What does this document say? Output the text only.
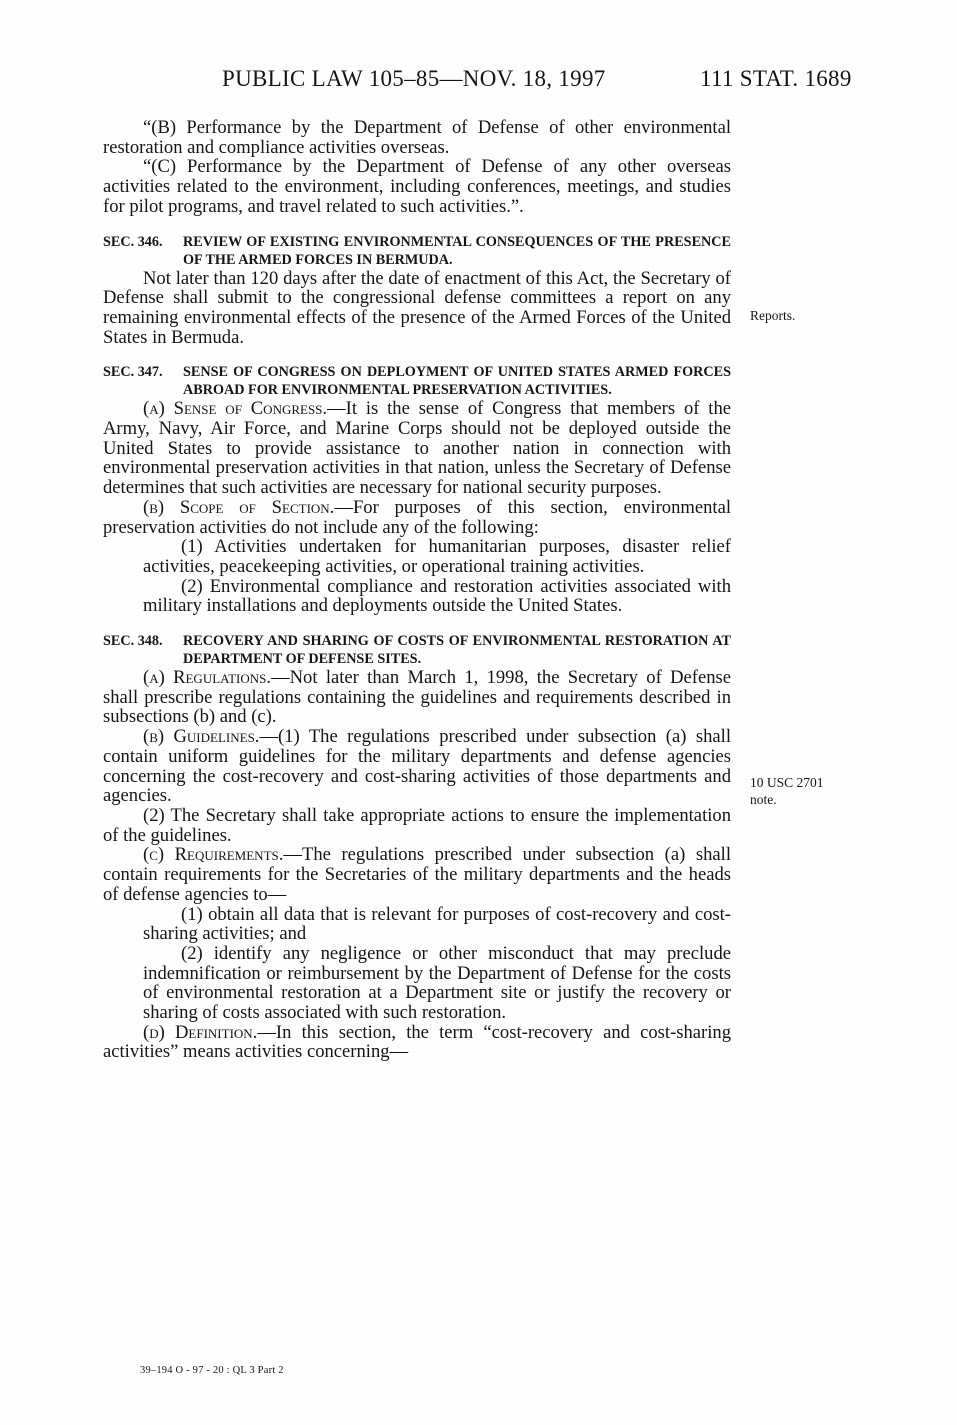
PUBLIC LAW 105–85—NOV. 18, 1997	111 STAT. 1689

“(B) Performance by the Department of Defense of other environmental restoration and compliance activities overseas.

“(C) Performance by the Department of Defense of any other overseas activities related to the environment, including conferences, meetings, and studies for pilot programs, and travel related to such activities.”.

SEC. 346.	REVIEW OF EXISTING ENVIRONMENTAL CONSEQUENCES OF THE PRESENCE OF THE ARMED FORCES IN BERMUDA.

Not later than 120 days after the date of enactment of this Act, the Secretary of Defense shall submit to the congressional defense committees a report on any remaining environmental effects of the presence of the Armed Forces of the United States in Bermuda.

SEC. 347.	SENSE OF CONGRESS ON DEPLOYMENT OF UNITED STATES ARMED FORCES ABROAD FOR ENVIRONMENTAL PRESERVATION ACTIVITIES.

(a) Sense of Congress.—It is the sense of Congress that members of the Army, Navy, Air Force, and Marine Corps should not be deployed outside the United States to provide assistance to another nation in connection with environmental preservation activities in that nation, unless the Secretary of Defense determines that such activities are necessary for national security purposes.

(b) Scope of Section.—For purposes of this section, environmental preservation activities do not include any of the following:

(1) Activities undertaken for humanitarian purposes, disaster relief activities, peacekeeping activities, or operational training activities.

(2) Environmental compliance and restoration activities associated with military installations and deployments outside the United States.

SEC. 348.	RECOVERY AND SHARING OF COSTS OF ENVIRONMENTAL RESTORATION AT DEPARTMENT OF DEFENSE SITES.

(a) Regulations.—Not later than March 1, 1998, the Secretary of Defense shall prescribe regulations containing the guidelines and requirements described in subsections (b) and (c).

(b) Guidelines.—(1) The regulations prescribed under subsection (a) shall contain uniform guidelines for the military departments and defense agencies concerning the cost-recovery and cost-sharing activities of those departments and agencies.

(2) The Secretary shall take appropriate actions to ensure the implementation of the guidelines.

(c) Requirements.—The regulations prescribed under subsection (a) shall contain requirements for the Secretaries of the military departments and the heads of defense agencies to—

(1) obtain all data that is relevant for purposes of cost-recovery and cost-sharing activities; and

(2) identify any negligence or other misconduct that may preclude indemnification or reimbursement by the Department of Defense for the costs of environmental restoration at a Department site or justify the recovery or sharing of costs associated with such restoration.

(d) Definition.—In this section, the term “cost-recovery and cost-sharing activities” means activities concerning—

Reports.
10 USC 2701
note.
39–194 O - 97 - 20 : QL 3 Part 2
